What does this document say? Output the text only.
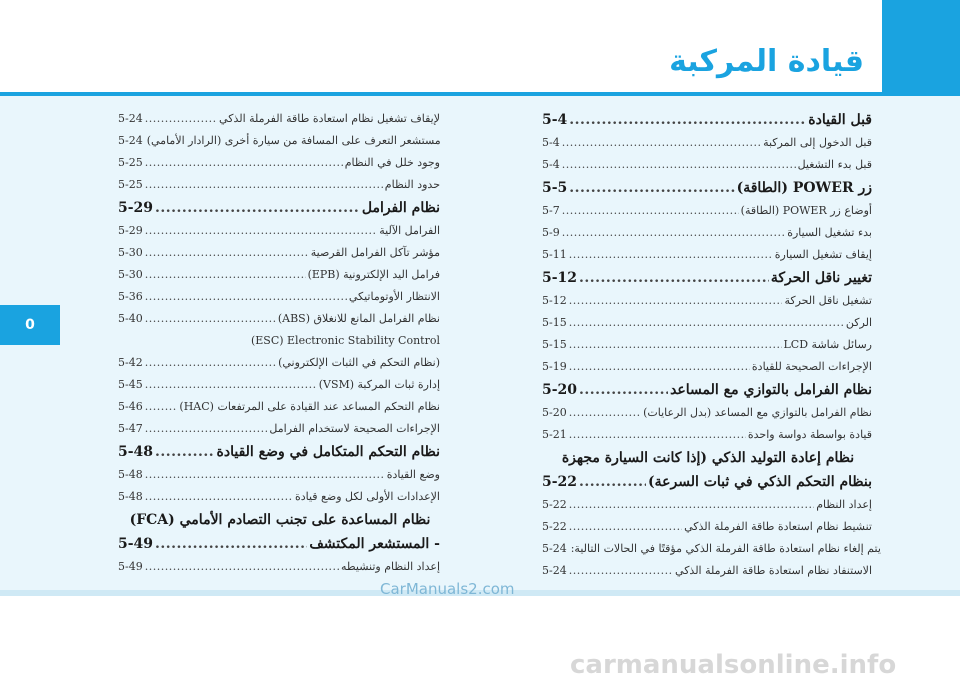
قيادة المركبة
0
5-4 .....	قبل القيادة
5-4 .....	قبل الدخول إلى المركبة
5-4 .....	قبل بدء التشغيل
5-5 .....	زر POWER (الطاقة)
5-7 .....	أوضاع زر POWER (الطاقة)
5-9 .....	بدء تشغيل السيارة
5-11 .....	إيقاف تشغيل السيارة
5-12 .....	تغيير ناقل الحركة
5-12 .....	تشغيل ناقل الحركة
5-15 .....	الركن
5-15 .....	رسائل شاشة LCD
5-19 .....	الإجراءات الصحيحة للقيادة
5-20 .....	نظام الفرامل بالتوازي مع المساعد
5-20 .....	نظام الفرامل بالتوازي مع المساعد (بدل الرعايات)
5-21 .....	قيادة بواسطة دواسة واحدة
نظام إعادة التوليد الذكي (إذا كانت السيارة مجهزة
5-22 .....	بنظام التحكم الذكي في ثبات السرعة)
5-22 .....	إعداد النظام
5-22 .....	تنشيط نظام استعادة طاقة الفرملة الذكي
5-24 يتم إلغاء نظام استعادة طاقة الفرملة الذكي مؤقتًا في الحالات التالية:
5-24 .....	الاستنفاد نظام استعادة طاقة الفرملة الذكي
5-24 .....	لإيقاف تشغيل نظام استعادة طاقة الفرملة الذكي
5-24 مستشعر التعرف على المسافة من سيارة أخرى (الرادار الأمامي)
5-25 .....	وجود خلل في النظام
5-25 .....	حدود النظام
5-29 .....	نظام الفرامل
5-29 .....	الفرامل الآلية
5-30 .....	مؤشر تآكل الفرامل القرصية
5-30 .....	فرامل اليد الإلكترونية (EPB)
5-36 .....	الانتظار الأوتوماتيكي
5-40 .....	نظام الفرامل المانع للانغلاق (ABS)
(ESC) Electronic Stability Control
5-42 .....	(نظام التحكم في الثبات الإلكتروني)
5-45 .....	إدارة ثبات المركبة (VSM)
5-46 .....	نظام التحكم المساعد عند القيادة على المرتفعات (HAC)
5-47 .....	الإجراءات الصحيحة لاستخدام الفرامل
5-48 .....	نظام التحكم المتكامل في وضع القيادة
5-48 .....	وضع القيادة
5-48 .....	الإعدادات الأولى لكل وضع قيادة
نظام المساعدة على تجنب التصادم الأمامي (FCA)
5-49 .....	- المستشعر المكتشف
5-49 .....	إعداد النظام وتنشيطه
CarManuals2.com
carmanualsonline.info
